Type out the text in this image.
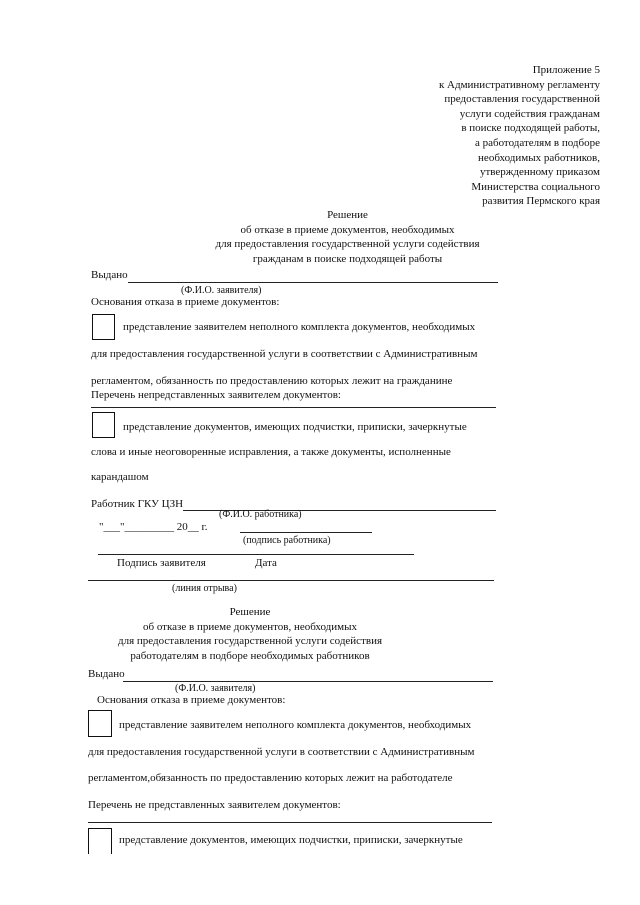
Приложение 5
к Административному регламенту
предоставления государственной
услуги содействия гражданам
в поиске подходящей работы,
а работодателям в подборе
необходимых работников,
утвержденному приказом
Министерства социального
развития Пермского края
Решение
об отказе в приеме документов, необходимых
для предоставления государственной услуги содействия
гражданам в поиске подходящей работы
Выдано
(Ф.И.О. заявителя)
Основания отказа в приеме документов:
представление заявителем неполного комплекта документов, необходимых
для предоставления государственной услуги в соответствии с Административным
регламентом, обязанность по предоставлению которых лежит на гражданине
Перечень непредставленных заявителем документов:
представление документов, имеющих подчистки, приписки, зачеркнутые
слова и иные неоговоренные исправления, а также документы, исполненные
карандашом
Работник ГКУ ЦЗН
(Ф.И.О. работника)
"___"_________ 20__ г.
(подпись работника)
Подпись заявителя	Дата
(линия отрыва)
Решение
об отказе в приеме документов, необходимых
для предоставления государственной услуги содействия
работодателям в подборе необходимых работников
Выдано
(Ф.И.О. заявителя)
Основания отказа в приеме документов:
представление заявителем неполного комплекта документов, необходимых
для предоставления государственной услуги в соответствии с Административным
регламентом,обязанность по предоставлению которых лежит на работодателе
Перечень не представленных заявителем документов:
представление документов, имеющих подчистки, приписки, зачеркнутые
